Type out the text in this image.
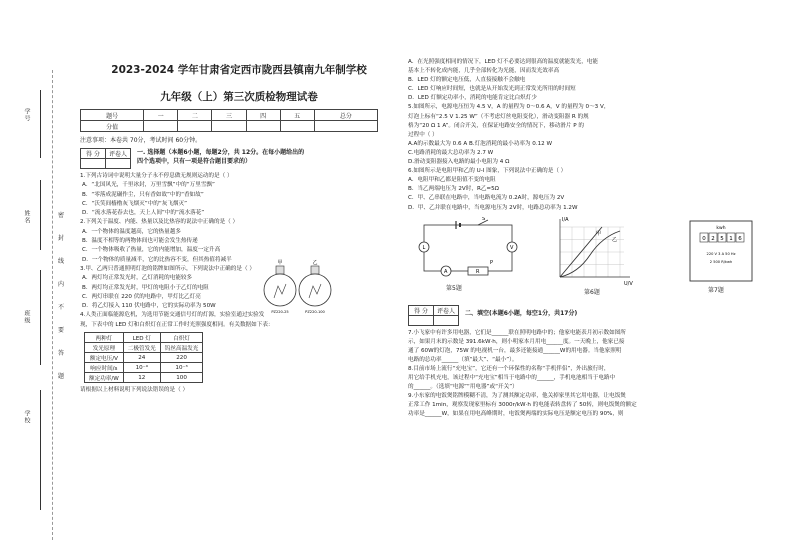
学号
姓名
班级
学校
密
封
线
内
不
要
答
题
2023-2024 学年甘肃省定西市陇西县镇南九年制学校
九年级（上）第三次质检物理试卷
题号	一	二	三	四	五	总分
分值						
注意事项：本卷共 70分，考试时间 60分钟。
得 分	评卷人
	一. 选择题（本题6小题，每题2分，共 12分。在每小题给出的
四个选项中，只有一项是符合题目要求的）

1.下列古诗词中说明大量分子永不停息做无规则运动的是（ ）

A．“北国风光，千里冰封，万里雪飘”中的“万里雪飘”

B．“零落成泥碾作尘，只有香如故”中的“香如故”

C．“沃笑间樯橹灰飞烟灭”中的“灰飞烟灭”

D．“流水落花春去也，天上人间”中的“流水落花”

2.下列关于温度、内能、热量以及比热容的说法中正确的是（ ）

A．一个物体的温度越高，它的热量越多

B．温度不相等的两物体间也可能会发生热传递

C．一个物体吸收了热量，它的内能增加，温度一定升高

D．一个物体的质量减半，它的比热容不变，但其热值将减半

3.甲、乙两只普通照明灯泡的铭牌如图所示，下列说法中正确的是（ ）

A．两灯均正常发光时，乙灯消耗的电能较多

B．两灯均正常发光时，甲灯的电阻小于乙灯的电阻

C．两灯串联在 220 伏的电路中，甲灯比乙灯亮

D．将乙灯接入 110 伏电路中，它的实际功率为 50W

4.人类正面临能源危机，为选用节能交通信号灯的灯源，实验室通过实验发

现，下表中的 LED 灯和白炽灯在正常工作时光照强度相同。有关数据如下表：

两种灯	LED 灯	白炽灯
发光原理	二极管发光	钨丝高温发光
额定电压/V	24	220
响应时间/s	10⁻⁹	10⁻³
额定功率/W	12	100

请根据以上材料说明下列说法错误的是（ ）

甲	乙
PZ220-25	PZ220-100

A．在光照强度相同的情况下，LED 灯不必要达到很高的温度就能发光，电能

基本上不转化成内能，几乎全部转化为光能，因而发光效率高

B．LED 灯的额定电压低，人直接接触不会触电

C．LED 灯响应时间短，也就是从开始发光到正常发光所用的时间短

D．LED 灯额定功率小，消耗的电能肯定比白炽灯少

5.如图所示，电源电压恒为 4.5 V，A 的量程为 0～0.6 A，V 的量程为 0～3 V，

灯泡上标有“2.5 V 1.25 W”（不考虑灯丝电阻变化），滑动变阻器 R 的规

格为“20 Ω 1 A”。闭合开关，在保证电路安全的情况下，移动滑片 P 的

过程中（ ）

A.A的示数最大为 0.6 A B.灯泡消耗的最小功率为 0.12 W

C.电路消耗的最大总功率为 2.7 W

D.滑动变阻器接入电路的最小电阻为 4 Ω

6.如图所示是电阻甲和乙的 U-I 图象，下列说法中正确的是（ ）

A．电阻甲和乙都是阻值不变的电阻

B．当乙两端电压为 2V时，R乙=5Ω

C．甲、乙串联在电路中，当电路电流为 0.2A时，源电压为 2V

D．甲、乙并联在电路中，当电源电压为 2V时，电路总功率为 1.2W

S
L
A
V
R
P
第5题
I/A
U/V
甲
乙
第6题
kwh
0 2 5 1 6
220 V 3 A 50 Hz
2 500 R/kwh
第7题
得 分	评卷人
	二、填空(本题6小题，每空1分，共17分)

7.小飞家中有许多用电器，它们是______联在照明电路中的；他家电能表月初示数如图所

示，如果月末的示数是 391.6kW·h，则小明家本月用电______度。一天晚上，他家已接

通了 60W的灯泡，75W 的电视机一台，最多还能接通______W的用电器。当他家照明

电路的总功率______（填“最大”、“最小”）。

8.目前市场上流行“充电宝”，它还有一个环保性的名称“手机伴侣”，外出旅行时，

用它给手机充电，该过程中“充电宝”相当于电路中的______，手机电池相当于电路中

的______。（选填“电源”“用电器”或“开关”）

9.小东家的电饭煲铭牌模糊不清，为了测其额定功率，他关掉家里其它用电器，让电饭煲

正常工作 1min，观察发现家里标有 3000r/kW·h 的电能表转盘转了 50转，则电饭煲的额定

功率是______W，如果在用电高峰期时，电饭煲两端的实际电压是额定电压的 90%，则
